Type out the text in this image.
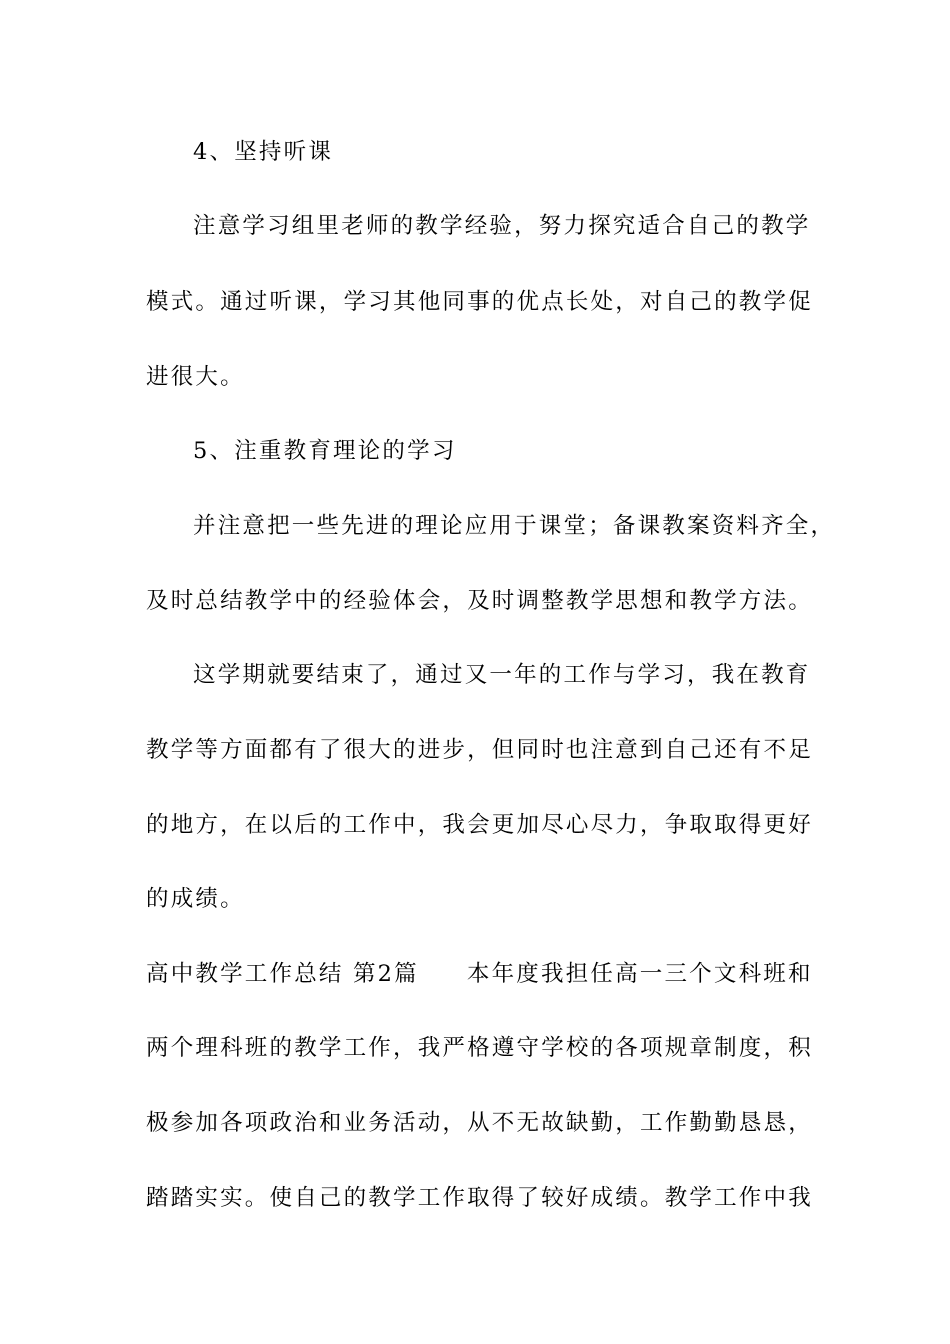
4、坚持听课
注意学习组里老师的教学经验，努力探究适合自己的教学
模式。通过听课，学习其他同事的优点长处，对自己的教学促
进很大。
5、注重教育理论的学习
并注意把一些先进的理论应用于课堂；备课教案资料齐全，
及时总结教学中的经验体会，及时调整教学思想和教学方法。
这学期就要结束了，通过又一年的工作与学习，我在教育
教学等方面都有了很大的进步，但同时也注意到自己还有不足
的地方，在以后的工作中，我会更加尽心尽力，争取取得更好
的成绩。
高中教学工作总结 第2篇 本年度我担任高一三个文科班和
两个理科班的教学工作，我严格遵守学校的各项规章制度，积
极参加各项政治和业务活动，从不无故缺勤，工作勤勤恳恳，
踏踏实实。使自己的教学工作取得了较好成绩。教学工作中我
